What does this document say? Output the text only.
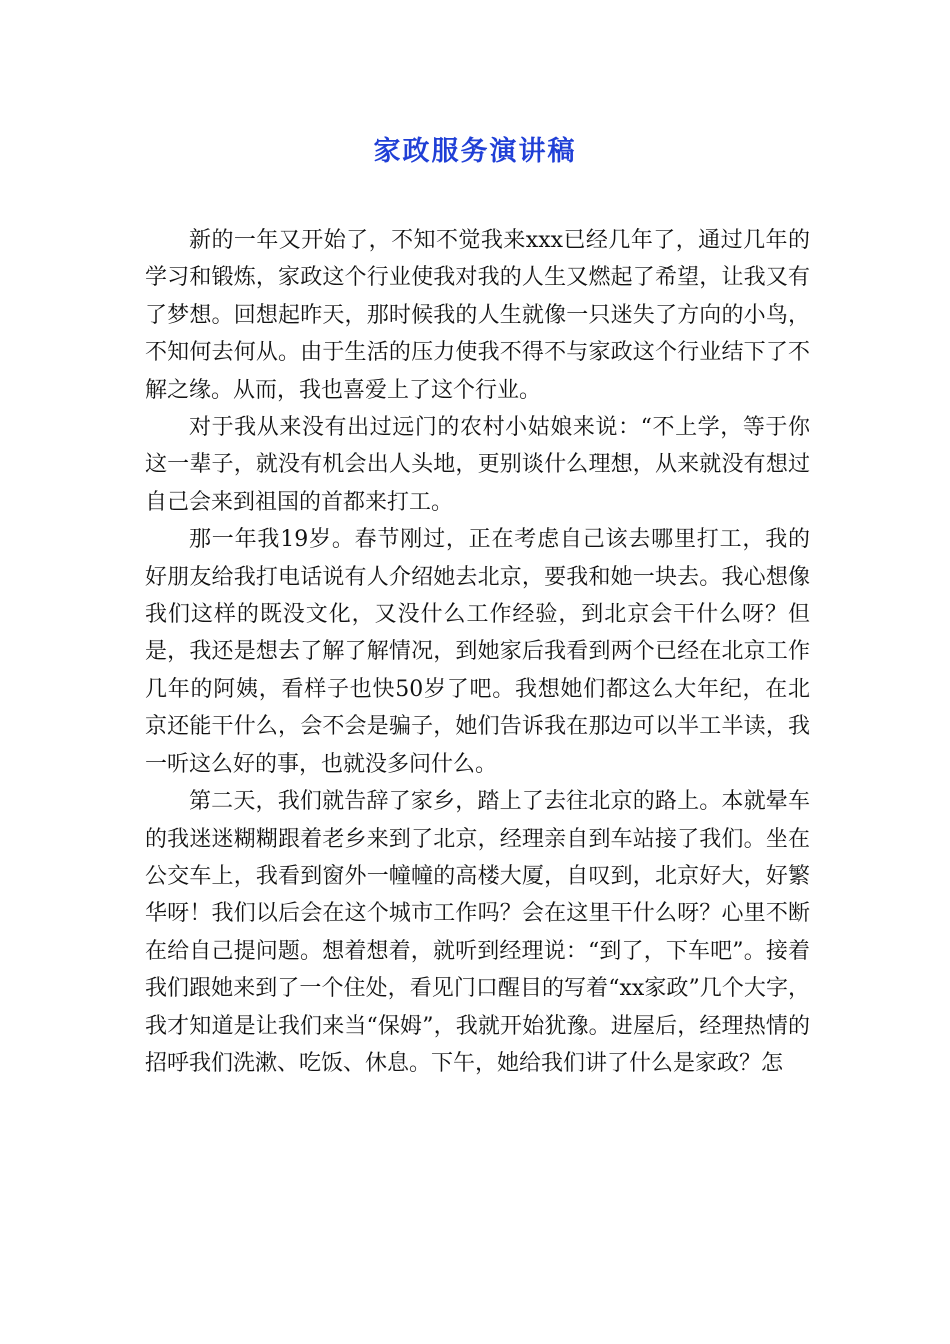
家政服务演讲稿

新的一年又开始了，不知不觉我来xxx已经几年了，通过几年的学习和锻炼，家政这个行业使我对我的人生又燃起了希望，让我又有了梦想。回想起昨天，那时候我的人生就像一只迷失了方向的小鸟，不知何去何从。由于生活的压力使我不得不与家政这个行业结下了不解之缘。从而，我也喜爱上了这个行业。

对于我从来没有出过远门的农村小姑娘来说：“不上学，等于你这一辈子，就没有机会出人头地，更别谈什么理想，从来就没有想过自己会来到祖国的首都来打工。

那一年我19岁。春节刚过，正在考虑自己该去哪里打工，我的好朋友给我打电话说有人介绍她去北京，要我和她一块去。我心想像我们这样的既没文化，又没什么工作经验，到北京会干什么呀？但是，我还是想去了解了解情况，到她家后我看到两个已经在北京工作几年的阿姨，看样子也快50岁了吧。我想她们都这么大年纪，在北京还能干什么，会不会是骗子，她们告诉我在那边可以半工半读，我一听这么好的事，也就没多问什么。

第二天，我们就告辞了家乡，踏上了去往北京的路上。本就晕车的我迷迷糊糊跟着老乡来到了北京，经理亲自到车站接了我们。坐在公交车上，我看到窗外一幢幢的高楼大厦，自叹到，北京好大，好繁华呀！我们以后会在这个城市工作吗？会在这里干什么呀？心里不断在给自己提问题。想着想着，就听到经理说：“到了，下车吧”。接着我们跟她来到了一个住处，看见门口醒目的写着“xx家政”几个大字，我才知道是让我们来当“保姆”，我就开始犹豫。进屋后，经理热情的招呼我们洗漱、吃饭、休息。下午，她给我们讲了什么是家政？怎
